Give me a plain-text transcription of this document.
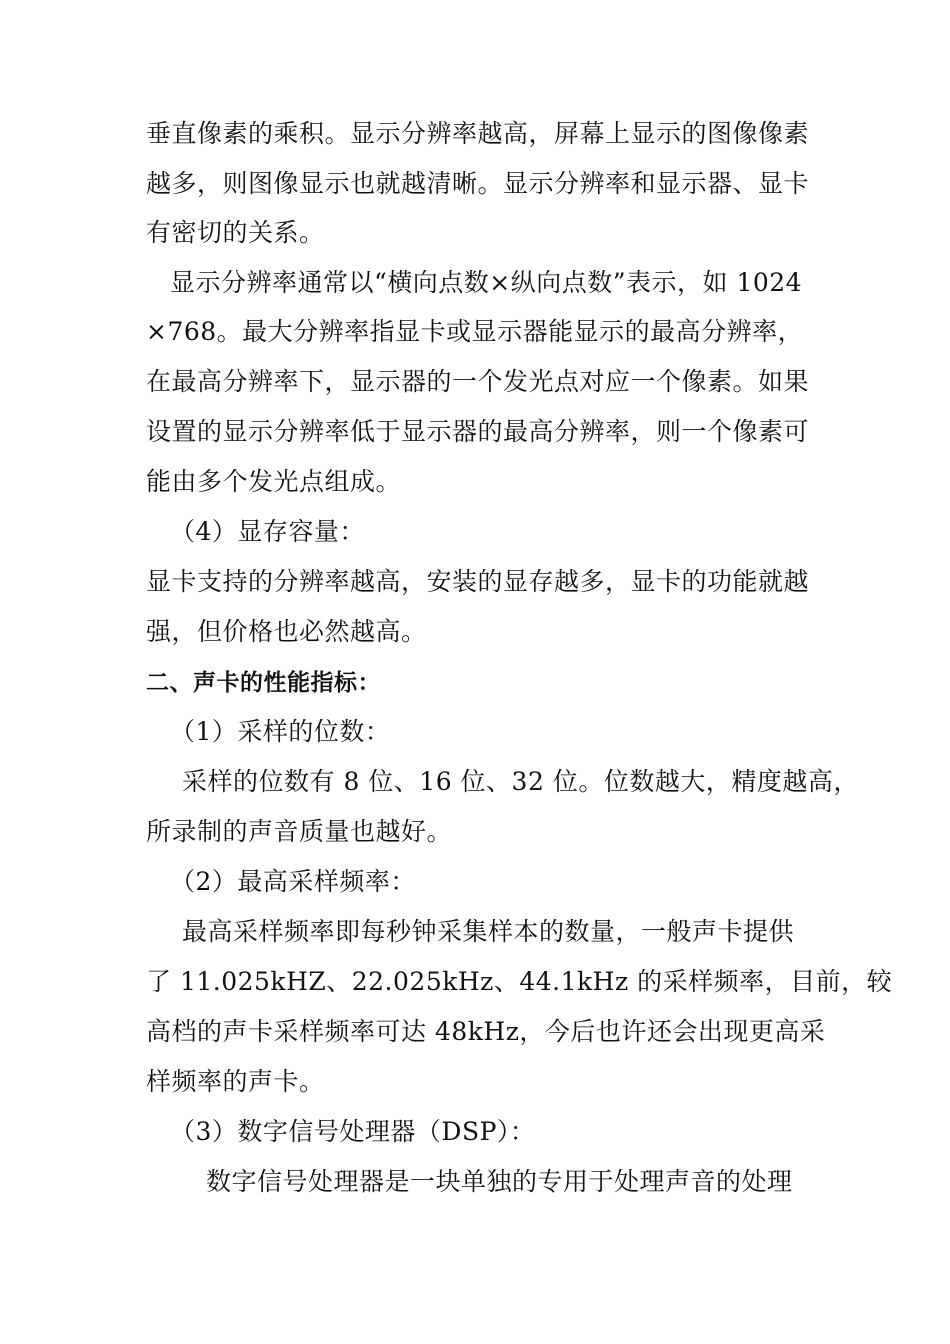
垂直像素的乘积。显示分辨率越高，屏幕上显示的图像像素
越多，则图像显示也就越清晰。显示分辨率和显示器、显卡
有密切的关系。
显示分辨率通常以“横向点数×纵向点数”表示，如 1024
×768。最大分辨率指显卡或显示器能显示的最高分辨率，
在最高分辨率下，显示器的一个发光点对应一个像素。如果
设置的显示分辨率低于显示器的最高分辨率，则一个像素可
能由多个发光点组成。
（4）显存容量：
显卡支持的分辨率越高，安装的显存越多，显卡的功能就越
强，但价格也必然越高。
二、声卡的性能指标：
（1）采样的位数：
采样的位数有 8 位、16 位、32 位。位数越大，精度越高，
所录制的声音质量也越好。
（2）最高采样频率：
最高采样频率即每秒钟采集样本的数量，一般声卡提供
了 11.025kHZ、22.025kHz、44.1kHz 的采样频率，目前，较
高档的声卡采样频率可达 48kHz，今后也许还会出现更高采
样频率的声卡。
（3）数字信号处理器（DSP）：
数字信号处理器是一块单独的专用于处理声音的处理
